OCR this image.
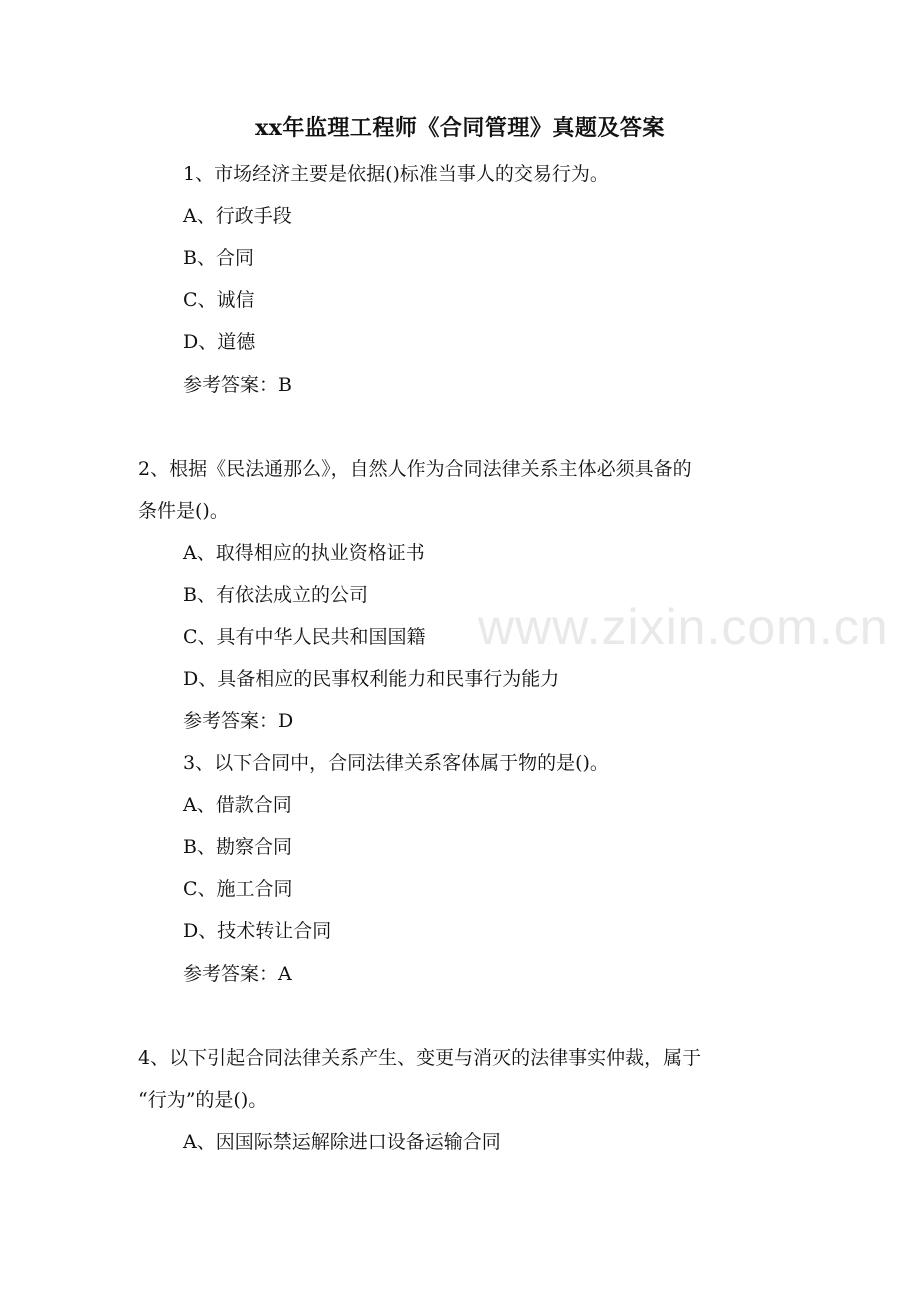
www.zixin.com.cn
xx年监理工程师《合同管理》真题及答案
1、市场经济主要是依据()标准当事人的交易行为。
A、行政手段
B、合同
C、诚信
D、道德
参考答案：B
2、根据《民法通那么》，自然人作为合同法律关系主体必须具备的
条件是()。
A、取得相应的执业资格证书
B、有依法成立的公司
C、具有中华人民共和国国籍
D、具备相应的民事权利能力和民事行为能力
参考答案：D
3、以下合同中，合同法律关系客体属于物的是()。
A、借款合同
B、勘察合同
C、施工合同
D、技术转让合同
参考答案：A
4、以下引起合同法律关系产生、变更与消灭的法律事实仲裁，属于
“行为”的是()。
A、因国际禁运解除进口设备运输合同
